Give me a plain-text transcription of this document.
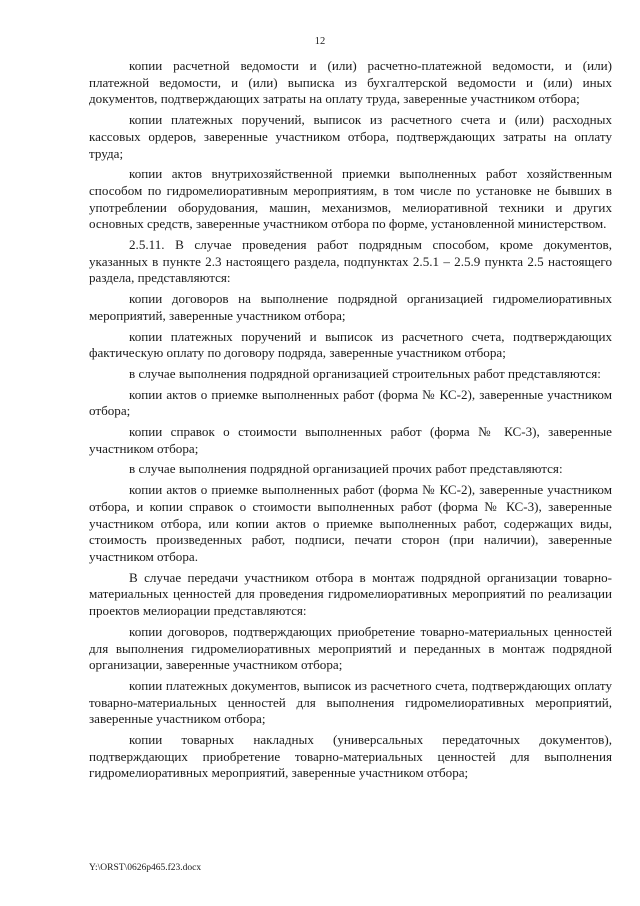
12

копии расчетной ведомости и (или) расчетно-платежной ведомости, и (или) платежной ведомости, и (или) выписка из бухгалтерской ведомости и (или) иных документов, подтверждающих затраты на оплату труда, заверенные участником отбора;

копии платежных поручений, выписок из расчетного счета и (или) расходных кассовых ордеров, заверенные участником отбора, подтверждающих затраты на оплату труда;

копии актов внутрихозяйственной приемки выполненных работ хозяйственным способом по гидромелиоративным мероприятиям, в том числе по установке не бывших в употреблении оборудования, машин, механизмов, мелиоративной техники и других основных средств, заверенные участником отбора по форме, установленной министерством.

2.5.11. В случае проведения работ подрядным способом, кроме документов, указанных в пункте 2.3 настоящего раздела, подпунктах 2.5.1 – 2.5.9 пункта 2.5 настоящего раздела, представляются:

копии договоров на выполнение подрядной организацией гидромелиоративных мероприятий, заверенные участником отбора;

копии платежных поручений и выписок из расчетного счета, подтверждающих фактическую оплату по договору подряда, заверенные участником отбора;

в случае выполнения подрядной организацией строительных работ представляются:

копии актов о приемке выполненных работ (форма № КС-2), заверенные участником отбора;

копии справок о стоимости выполненных работ (форма № КС-3), заверенные участником отбора;

в случае выполнения подрядной организацией прочих работ представляются:

копии актов о приемке выполненных работ (форма № КС-2), заверенные участником отбора, и копии справок о стоимости выполненных работ (форма № КС-3), заверенные участником отбора, или копии актов о приемке выполненных работ, содержащих виды, стоимость произведенных работ, подписи, печати сторон (при наличии), заверенные участником отбора.

В случае передачи участником отбора в монтаж подрядной организации товарно-материальных ценностей для проведения гидромелиоративных мероприятий по реализации проектов мелиорации представляются:

копии договоров, подтверждающих приобретение товарно-материальных ценностей для выполнения гидромелиоративных мероприятий и переданных в монтаж подрядной организации, заверенные участником отбора;

копии платежных документов, выписок из расчетного счета, подтверждающих оплату товарно-материальных ценностей для выполнения гидромелиоративных мероприятий, заверенные участником отбора;

копии товарных накладных (универсальных передаточных документов), подтверждающих приобретение товарно-материальных ценностей для выполнения гидромелиоративных мероприятий, заверенные участником отбора;

Y:\ORST\0626p465.f23.docx
